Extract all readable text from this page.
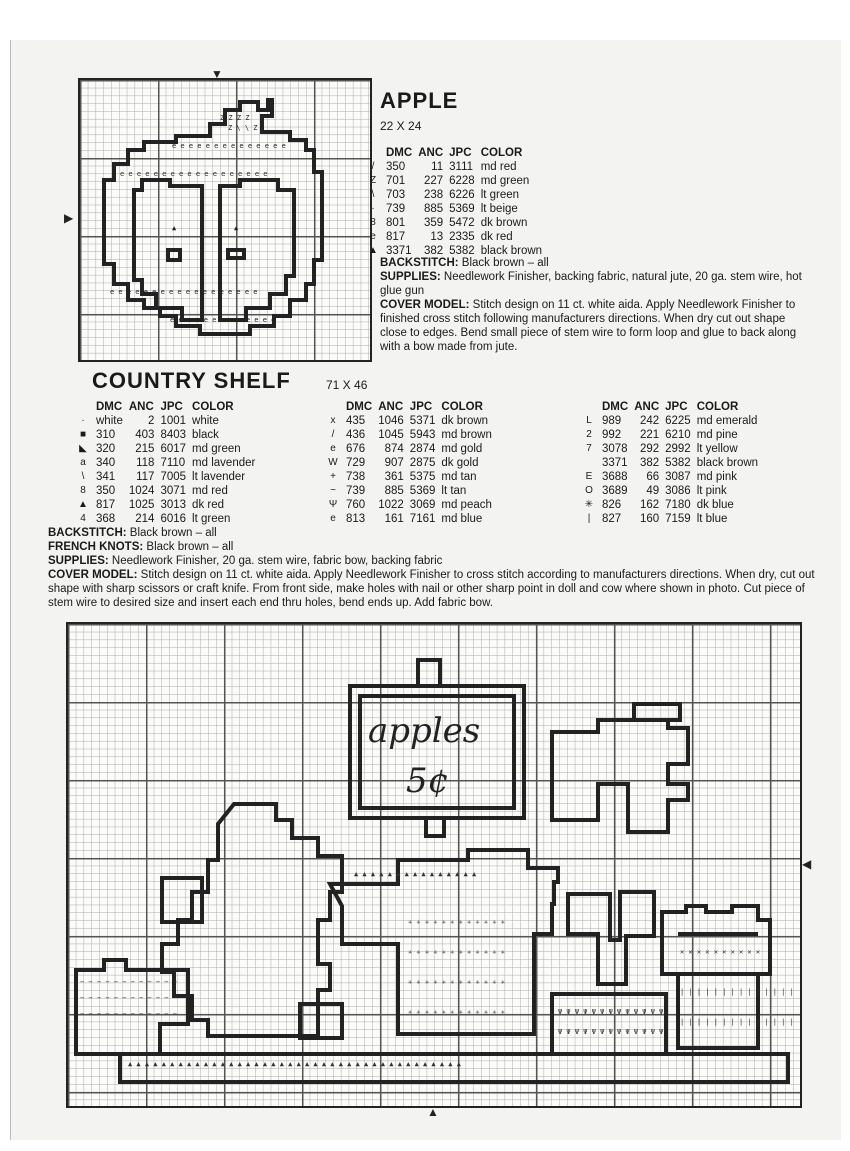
▲	▲
Z Z Z Z
Z \ \ Z
e e e e e e e e e e e e e e
e e e e e e e e e e e e e e e e e e
e e e e e e e e e e e e e e e e e e
e e e e e e e e e e e e e
▼
▶
APPLE
22 X 24
	DMC	ANC	JPC	COLOR
/	350	11	3111	md red
Z	701	227	6228	md green
\	703	238	6226	lt green
·	739	885	5369	lt beige
8	801	359	5472	dk brown
e	817	13	2335	dk red
▲	3371	382	5382	black brown
BACKSTITCH: Black brown – all
SUPPLIES: Needlework Finisher, backing fabric, natural jute, 20 ga. stem wire, hot glue gun
COVER MODEL: Stitch design on 11 ct. white aida. Apply Needlework Finisher to finished cross stitch following manufacturers directions. When dry cut out shape close to edges. Bend small piece of stem wire to form loop and glue to back along with a bow made from jute.
COUNTRY SHELF	71 X 46
	DMC	ANC	JPC	COLOR
·	white	2	1001	white
■	310	403	8403	black
◣	320	215	6017	md green
a	340	118	7110	md lavender
\	341	117	7005	lt lavender
8	350	1024	3071	md red
▲	817	1025	3013	dk red
4	368	214	6016	lt green
	DMC	ANC	JPC	COLOR
x	435	1046	5371	dk brown
/	436	1045	5943	md brown
e	676	874	2874	md gold
W	729	907	2875	dk gold
+	738	361	5375	md tan
~	739	885	5369	lt tan
Ψ	760	1022	3069	md peach
e	813	161	7161	md blue
	DMC	ANC	JPC	COLOR
L	989	242	6225	md emerald
2	992	221	6210	md pine
7	3078	292	2992	lt yellow
	3371	382	5382	black brown
E	3688	66	3087	md pink
O	3689	49	3086	lt pink
✳	826	162	7180	dk blue
|	827	160	7159	lt blue
BACKSTITCH: Black brown – all
FRENCH KNOTS: Black brown – all
SUPPLIES: Needlework Finisher, 20 ga. stem wire, fabric bow, backing fabric
COVER MODEL: Stitch design on 11 ct. white aida. Apply Needlework Finisher to cross stitch according to manufacturers directions. When dry, cut out shape with sharp scissors or craft knife. From front side, make holes with nail or other sharp point in doll and cow where shown in photo. Cut piece of stem wire to desired size and insert each end thru holes, bend ends up. Add fabric bow.
apples
5¢
− − − − − − − − − − − −
− − − − − − − − − − − −
− − − − − − − − − − − −
▲ ▲ ▲ ▲ ▲ ▲ ▲ ▲ ▲ ▲ ▲ ▲ ▲ ▲ ▲ ▲ ▲ ▲ ▲ ▲ ▲ ▲ ▲ ▲ ▲ ▲ ▲ ▲ ▲ ▲ ▲ ▲ ▲ ▲ ▲ ▲ ▲ ▲ ▲ ▲
▲ ▲ ▲ ▲ ▲ ▲ ▲ ▲ ▲ ▲ ▲ ▲ ▲ ▲ ▲
✳ ✳ ✳ ✳ ✳ ✳ ✳ ✳ ✳ ✳ ✳ ✳
✳ ✳ ✳ ✳ ✳ ✳ ✳ ✳ ✳ ✳ ✳ ✳
✳ ✳ ✳ ✳ ✳ ✳ ✳ ✳ ✳ ✳ ✳ ✳
✳ ✳ ✳ ✳ ✳ ✳ ✳ ✳ ✳ ✳ ✳ ✳	Ψ Ψ Ψ Ψ Ψ Ψ Ψ Ψ Ψ Ψ Ψ Ψ Ψ
Ψ Ψ Ψ Ψ Ψ Ψ Ψ Ψ Ψ Ψ Ψ Ψ Ψ
✕ ✕ ✕ ✕ ✕ ✕ ✕ ✕ ✕ ✕
| | | | | | | | | | | | | |
| | | | | | | | | | | | | |
◀
▲
